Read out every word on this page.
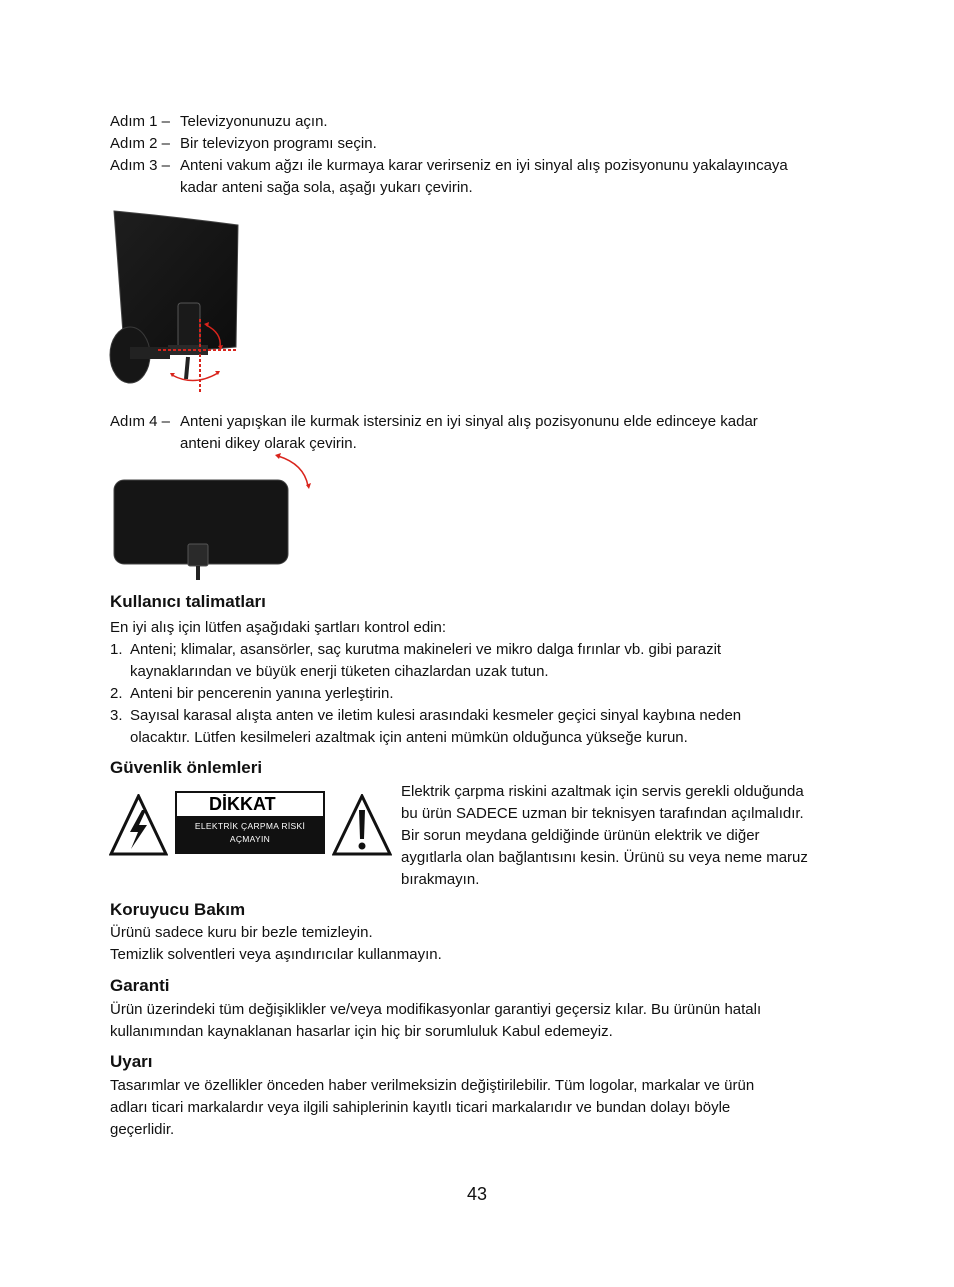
Adım 1 – Televizyonunuzu açın.
Adım 2 – Bir televizyon programı seçin.
Adım 3 – Anteni vakum ağzı ile kurmaya karar verirseniz en iyi sinyal alış pozisyonunu yakalayıncaya
kadar anteni sağa sola, aşağı yukarı çevirin.
Adım 4 – Anteni yapışkan ile kurmak istersiniz en iyi sinyal alış pozisyonunu elde edinceye kadar
anteni dikey olarak çevirin.
Kullanıcı talimatları
En iyi alış için lütfen aşağıdaki şartları kontrol edin:
1. Anteni; klimalar, asansörler, saç kurutma makineleri ve mikro dalga fırınlar vb. gibi parazit
kaynaklarından ve büyük enerji tüketen cihazlardan uzak tutun.
2. Anteni bir pencerenin yanına yerleştirin.
3. Sayısal karasal alışta anten ve iletim kulesi arasındaki kesmeler geçici sinyal kaybına neden
olacaktır. Lütfen kesilmeleri azaltmak için anteni mümkün olduğunca yükseğe kurun.
Güvenlik önlemleri
DİKKAT
ELEKTRİK ÇARPMA RİSKİ
AÇMAYIN
Elektrik çarpma riskini azaltmak için servis gerekli olduğunda
bu ürün SADECE uzman bir teknisyen tarafından açılmalıdır.
Bir sorun meydana geldiğinde ürünün elektrik ve diğer
aygıtlarla olan bağlantısını kesin. Ürünü su veya neme maruz
bırakmayın.
Koruyucu Bakım
Ürünü sadece kuru bir bezle temizleyin.
Temizlik solventleri veya aşındırıcılar kullanmayın.
Garanti
Ürün üzerindeki tüm değişiklikler ve/veya modifikasyonlar garantiyi geçersiz kılar. Bu ürünün hatalı
kullanımından kaynaklanan hasarlar için hiç bir sorumluluk Kabul edemeyiz.
Uyarı
Tasarımlar ve özellikler önceden haber verilmeksizin değiştirilebilir. Tüm logolar, markalar ve ürün
adları ticari markalardır veya ilgili sahiplerinin kayıtlı ticari markalarıdır ve bundan dolayı böyle
geçerlidir.
43
